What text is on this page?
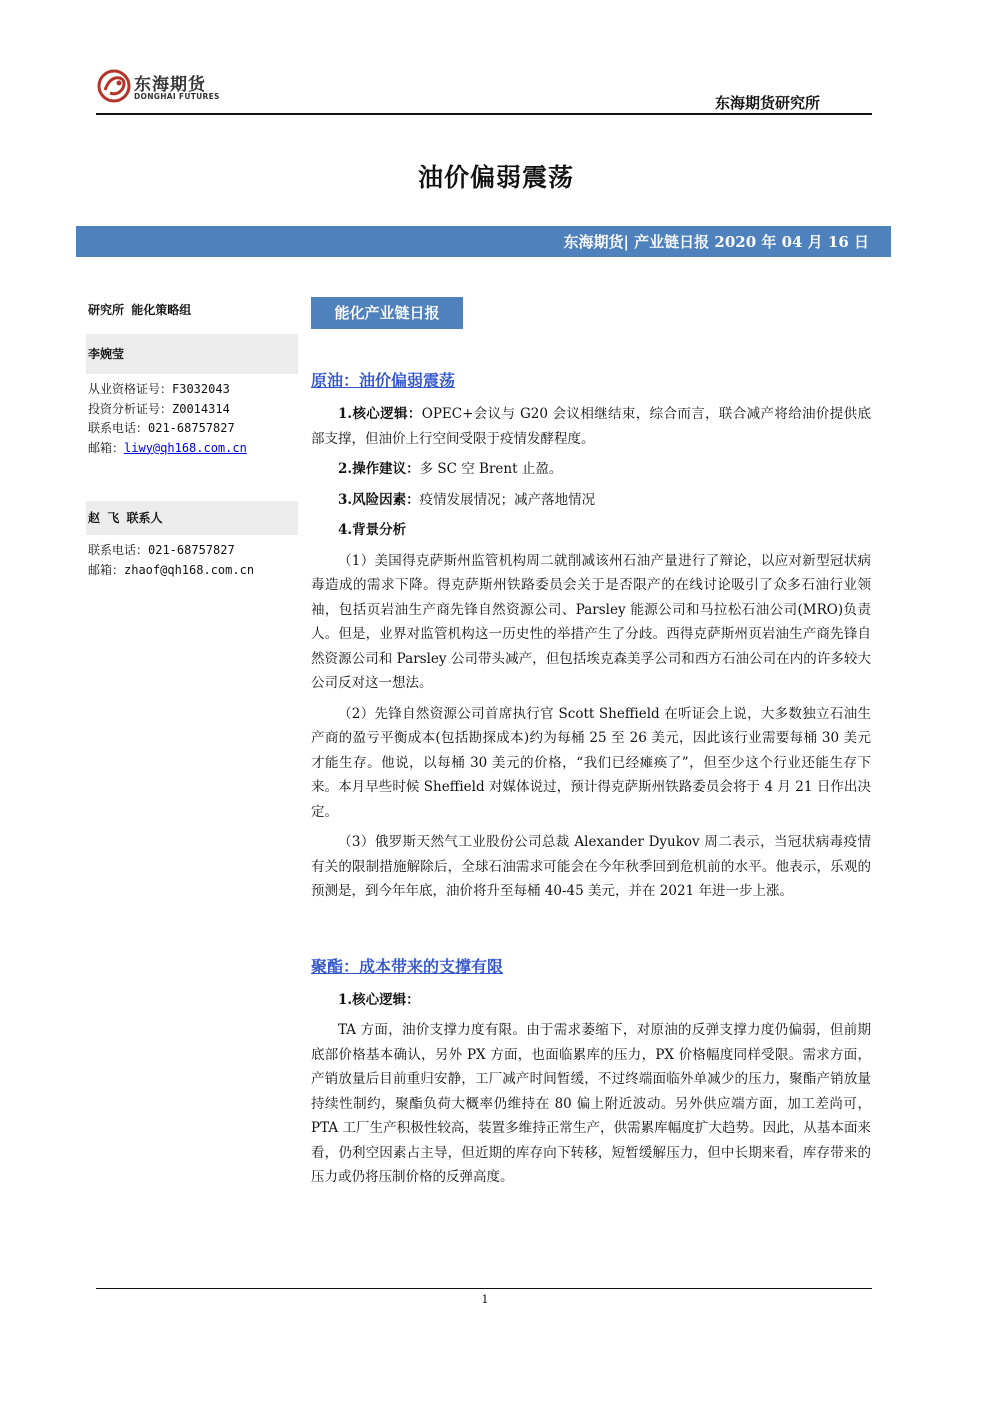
东海期货
DONGHAI FUTURES	东海期货研究所
油价偏弱震荡
东海期货| 产业链日报 2020 年 04 月 16 日
研究所 能化策略组
李婉莹
从业资格证号：F3032043
投资分析证号：Z0014314
联系电话：021-68757827
邮箱：liwy@qh168.com.cn
赵 飞 联系人
联系电话：021-68757827
邮箱：zhaof@qh168.com.cn
能化产业链日报
原油：油价偏弱震荡

1.核心逻辑：OPEC+会议与 G20 会议相继结束，综合而言，联合减产将给油价提供底部支撑，但油价上行空间受限于疫情发酵程度。

2.操作建议：多 SC 空 Brent 止盈。

3.风险因素：疫情发展情况；减产落地情况

4.背景分析

（1）美国得克萨斯州监管机构周二就削减该州石油产量进行了辩论，以应对新型冠状病毒造成的需求下降。得克萨斯州铁路委员会关于是否限产的在线讨论吸引了众多石油行业领袖，包括页岩油生产商先锋自然资源公司、Parsley 能源公司和马拉松石油公司(MRO)负责人。但是，业界对监管机构这一历史性的举措产生了分歧。西得克萨斯州页岩油生产商先锋自然资源公司和 Parsley 公司带头减产，但包括埃克森美孚公司和西方石油公司在内的许多较大公司反对这一想法。

（2）先锋自然资源公司首席执行官 Scott Sheffield 在听证会上说，大多数独立石油生产商的盈亏平衡成本(包括勘探成本)约为每桶 25 至 26 美元，因此该行业需要每桶 30 美元才能生存。他说，以每桶 30 美元的价格，“我们已经瘫痪了”，但至少这个行业还能生存下来。本月早些时候 Sheffield 对媒体说过，预计得克萨斯州铁路委员会将于 4 月 21 日作出决定。

（3）俄罗斯天然气工业股份公司总裁 Alexander Dyukov 周二表示，当冠状病毒疫情有关的限制措施解除后，全球石油需求可能会在今年秋季回到危机前的水平。他表示，乐观的预测是，到今年年底，油价将升至每桶 40-45 美元，并在 2021 年进一步上涨。

聚酯：成本带来的支撑有限

1.核心逻辑：

TA 方面，油价支撑力度有限。由于需求萎缩下，对原油的反弹支撑力度仍偏弱，但前期底部价格基本确认，另外 PX 方面，也面临累库的压力，PX 价格幅度同样受限。需求方面，产销放量后目前重归安静，工厂减产时间暂缓，不过终端面临外单减少的压力，聚酯产销放量持续性制约，聚酯负荷大概率仍维持在 80 偏上附近波动。另外供应端方面，加工差尚可，PTA 工厂生产积极性较高，装置多维持正常生产，供需累库幅度扩大趋势。因此，从基本面来看，仍利空因素占主导，但近期的库存向下转移，短暂缓解压力，但中长期来看，库存带来的压力或仍将压制价格的反弹高度。

1
